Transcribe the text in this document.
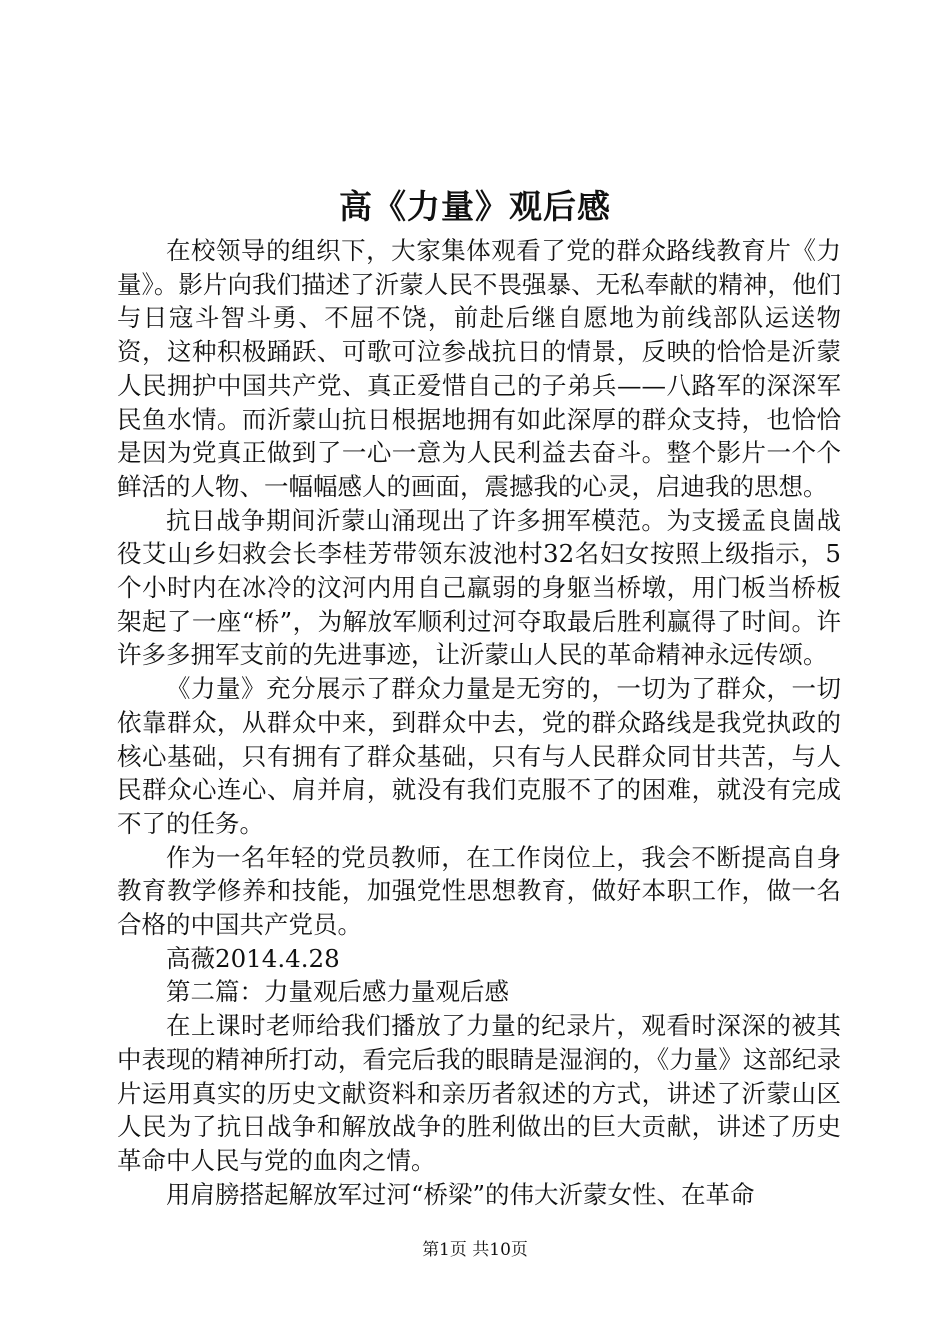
高《力量》观后感

在校领导的组织下，大家集体观看了党的群众路线教育片《力量》。影片向我们描述了沂蒙人民不畏强暴、无私奉献的精神，他们与日寇斗智斗勇、不屈不饶，前赴后继自愿地为前线部队运送物资，这种积极踊跃、可歌可泣参战抗日的情景，反映的恰恰是沂蒙人民拥护中国共产党、真正爱惜自己的子弟兵——八路军的深深军民鱼水情。而沂蒙山抗日根据地拥有如此深厚的群众支持，也恰恰是因为党真正做到了一心一意为人民利益去奋斗。整个影片一个个鲜活的人物、一幅幅感人的画面，震撼我的心灵，启迪我的思想。

抗日战争期间沂蒙山涌现出了许多拥军模范。为支援孟良崮战役艾山乡妇救会长李桂芳带领东波池村32名妇女按照上级指示，5个小时内在冰冷的汶河内用自己羸弱的身躯当桥墩，用门板当桥板架起了一座“桥”，为解放军顺利过河夺取最后胜利赢得了时间。许许多多拥军支前的先进事迹，让沂蒙山人民的革命精神永远传颂。

《力量》充分展示了群众力量是无穷的，一切为了群众，一切依靠群众，从群众中来，到群众中去，党的群众路线是我党执政的核心基础，只有拥有了群众基础，只有与人民群众同甘共苦，与人民群众心连心、肩并肩，就没有我们克服不了的困难，就没有完成不了的任务。

作为一名年轻的党员教师，在工作岗位上，我会不断提高自身教育教学修养和技能，加强党性思想教育，做好本职工作，做一名合格的中国共产党员。

高薇2014.4.28

第二篇：力量观后感力量观后感

在上课时老师给我们播放了力量的纪录片，观看时深深的被其中表现的精神所打动，看完后我的眼睛是湿润的，《力量》这部纪录片运用真实的历史文献资料和亲历者叙述的方式，讲述了沂蒙山区人民为了抗日战争和解放战争的胜利做出的巨大贡献，讲述了历史革命中人民与党的血肉之情。

用肩膀搭起解放军过河“桥梁”的伟大沂蒙女性、在革命

第1页 共10页
